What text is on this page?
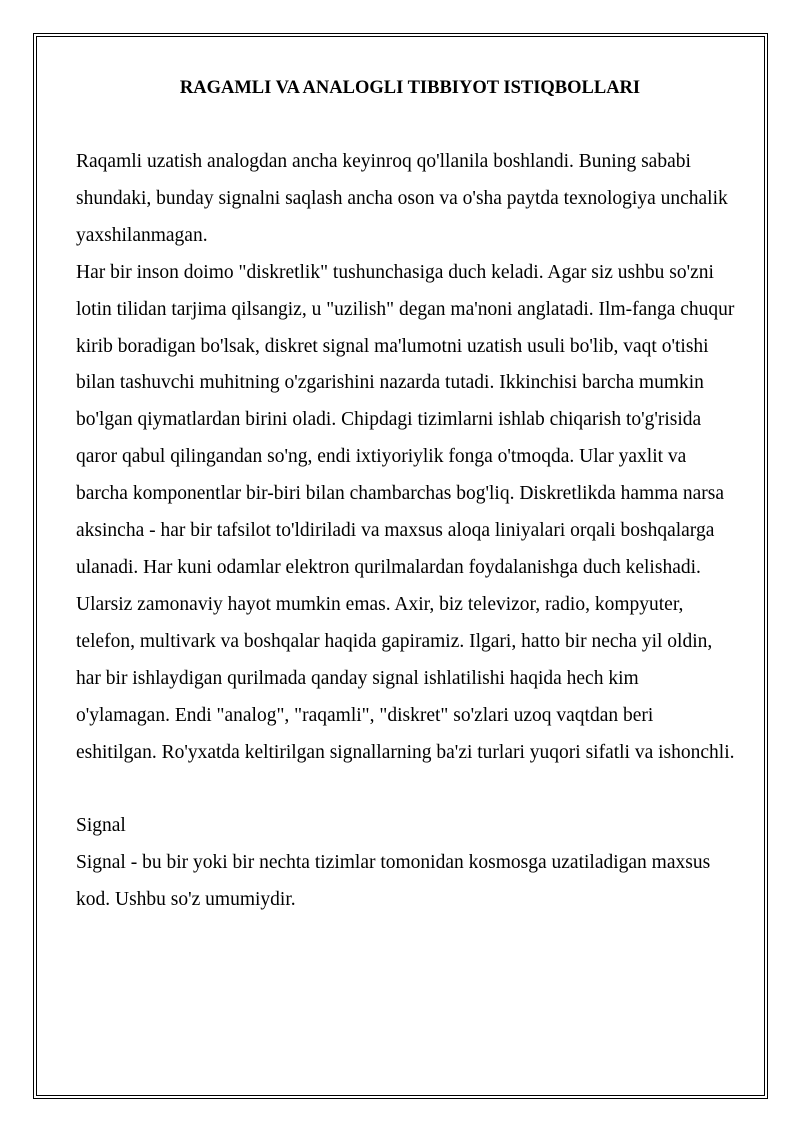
RAGAMLI VA ANALOGLI TIBBIYOT ISTIQBOLLARI

Raqamli uzatish analogdan ancha keyinroq qo'llanila boshlandi. Buning sababi shundaki, bunday signalni saqlash ancha oson va o'sha paytda texnologiya unchalik yaxshilanmagan.

Har bir inson doimo "diskretlik" tushunchasiga duch keladi. Agar siz ushbu so'zni lotin tilidan tarjima qilsangiz, u "uzilish" degan ma'noni anglatadi. Ilm-fanga chuqur kirib boradigan bo'lsak, diskret signal ma'lumotni uzatish usuli bo'lib, vaqt o'tishi bilan tashuvchi muhitning o'zgarishini nazarda tutadi. Ikkinchisi barcha mumkin bo'lgan qiymatlardan birini oladi. Chipdagi tizimlarni ishlab chiqarish to'g'risida qaror qabul qilingandan so'ng, endi ixtiyoriylik fonga o'tmoqda. Ular yaxlit va barcha komponentlar bir-biri bilan chambarchas bog'liq. Diskretlikda hamma narsa aksincha - har bir tafsilot to'ldiriladi va maxsus aloqa liniyalari orqali boshqalarga ulanadi. Har kuni odamlar elektron qurilmalardan foydalanishga duch kelishadi. Ularsiz zamonaviy hayot mumkin emas. Axir, biz televizor, radio, kompyuter, telefon, multivark va boshqalar haqida gapiramiz. Ilgari, hatto bir necha yil oldin, har bir ishlaydigan qurilmada qanday signal ishlatilishi haqida hech kim o'ylamagan. Endi "analog", "raqamli", "diskret" so'zlari uzoq vaqtdan beri eshitilgan. Ro'yxatda keltirilgan signallarning ba'zi turlari yuqori sifatli va ishonchli.

Signal

Signal - bu bir yoki bir nechta tizimlar tomonidan kosmosga uzatiladigan maxsus kod. Ushbu so'z umumiydir.
